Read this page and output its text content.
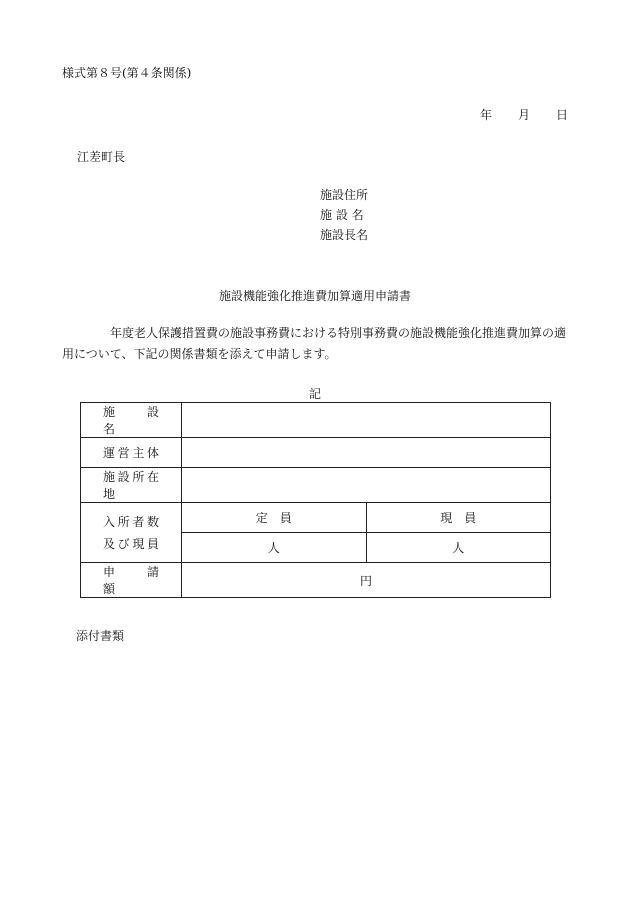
様式第８号(第４条関係)
年 月 日
江差町長
施設住所
施 設 名
施設長名
施設機能強化推進費加算適用申請書
年度老人保護措置費の施設事務費における特別事務費の施設機能強化推進費加算の適用について、下記の関係書類を添えて申請します。
記
施　設　名		
運営主体		
施設所在地		

入所者数
及び現員	定　員	現　員
	人	人
申　請　額	円	
添付書類
